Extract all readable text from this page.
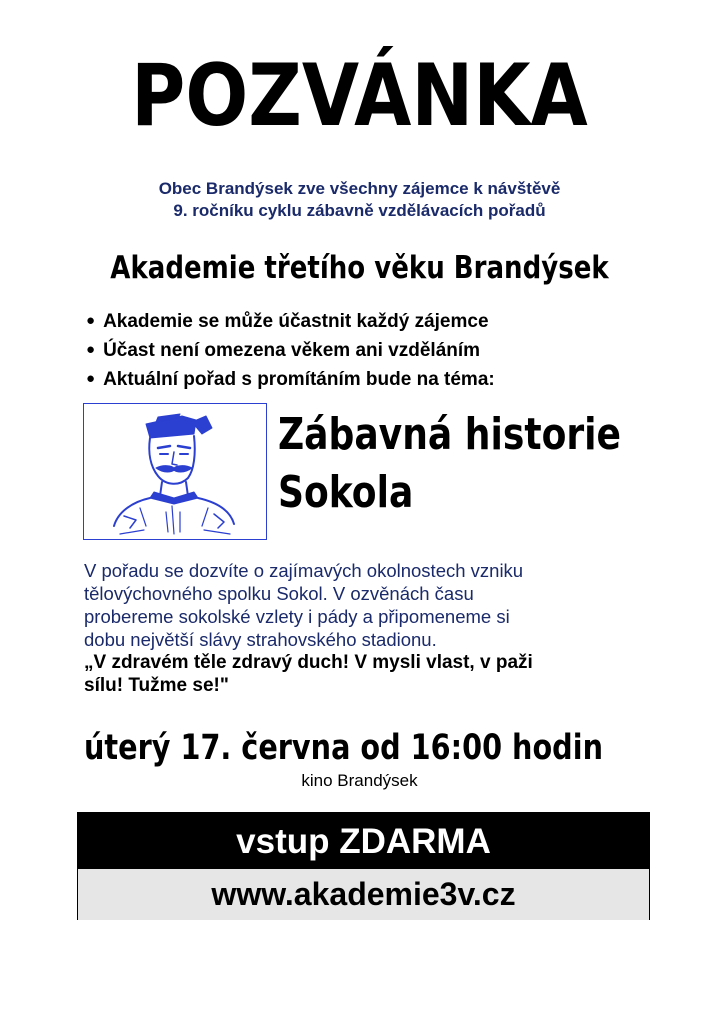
POZVÁNKA
Obec Brandýsek zve všechny zájemce k návštěvě
9. ročníku cyklu zábavně vzdělávacích pořadů
Akademie třetího věku Brandýsek
● Akademie se může účastnit každý zájemce
● Účast není omezena věkem ani vzděláním
● Aktuální pořad s promítáním bude na téma:
Zábavná historie
Sokola
V pořadu se dozvíte o zajímavých okolnostech vzniku
tělovýchovného spolku Sokol. V ozvěnách času
probereme sokolské vzlety i pády a připomeneme si
dobu největší slávy strahovského stadionu.
„V zdravém těle zdravý duch! V mysli vlast, v paži
sílu! Tužme se!"
úterý 17. června od 16:00 hodin
kino Brandýsek
vstup ZDARMA
www.akademie3v.cz
